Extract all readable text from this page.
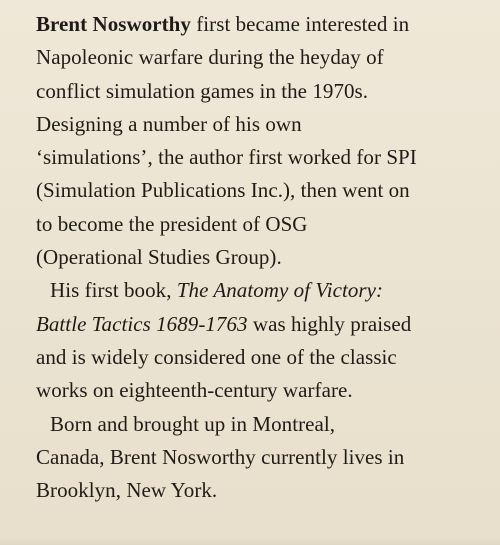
Brent Nosworthy first became interested in
Napoleonic warfare during the heyday of
conflict simulation games in the 1970s.
Designing a number of his own
‘simulations’, the author first worked for SPI
(Simulation Publications Inc.), then went on
to become the president of OSG
(Operational Studies Group).

His first book, The Anatomy of Victory:
Battle Tactics 1689-1763 was highly praised
and is widely considered one of the classic
works on eighteenth-century warfare.

Born and brought up in Montreal,
Canada, Brent Nosworthy currently lives in
Brooklyn, New York.
